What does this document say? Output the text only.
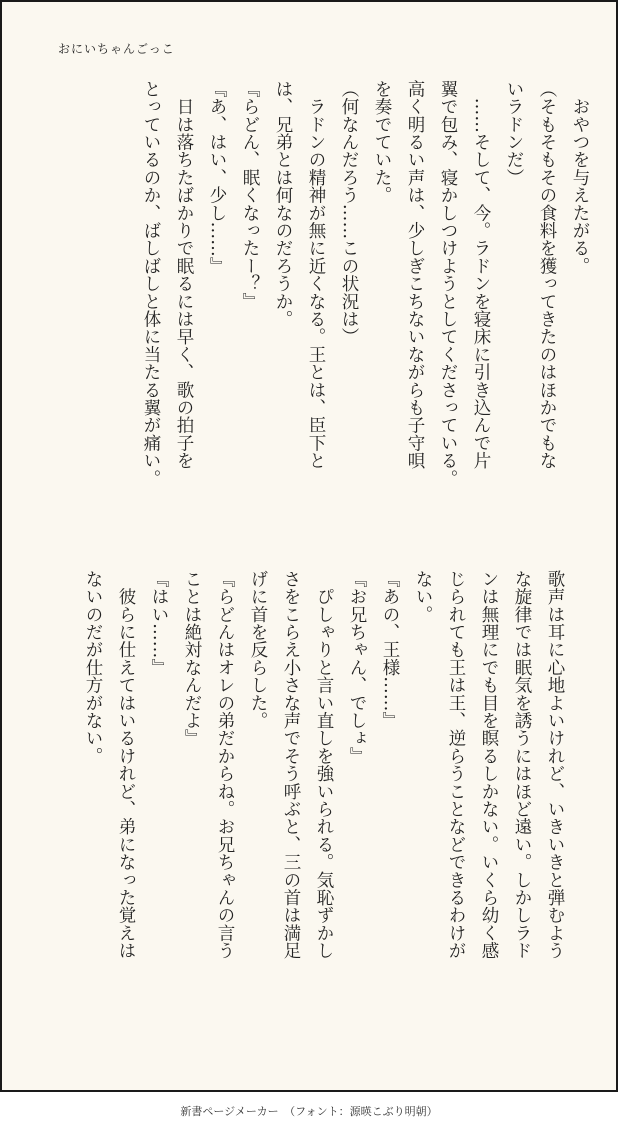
おにいちゃんごっこ
　おやつを与えたがる。
（そもそもその食料を獲ってきたのはほかでもな
いラドンだ）
　……そして、今。ラドンを寝床に引き込んで片
翼で包み、寝かしつけようとしてくださっている。
高く明るい声は、少しぎこちないながらも子守唄
を奏でていた。
（何なんだろう……この状況は）
　ラドンの精神が無に近くなる。王とは、臣下と
は、兄弟とは何なのだろうか。
『らどん、眠くなったー？』
『あ、はい、少し……』
　日は落ちたばかりで眠るには早く、歌の拍子を
とっているのか、ばしばしと体に当たる翼が痛い。
歌声は耳に心地よいけれど、いきいきと弾むよう
な旋律では眠気を誘うにはほど遠い。しかしラド
ンは無理にでも目を瞑るしかない。いくら幼く感
じられても王は王、逆らうことなどできるわけが
ない。
『あの、王様……』
『お兄ちゃん、でしょ』
　ぴしゃりと言い直しを強いられる。気恥ずかし
さをこらえ小さな声でそう呼ぶと、三の首は満足
げに首を反らした。
『らどんはオレの弟だからね。お兄ちゃんの言う
ことは絶対なんだよ』
『はい……』
　彼らに仕えてはいるけれど、弟になった覚えは
ないのだが仕方がない。
新書ページメーカー　（フォント：源暎こぶり明朝）
